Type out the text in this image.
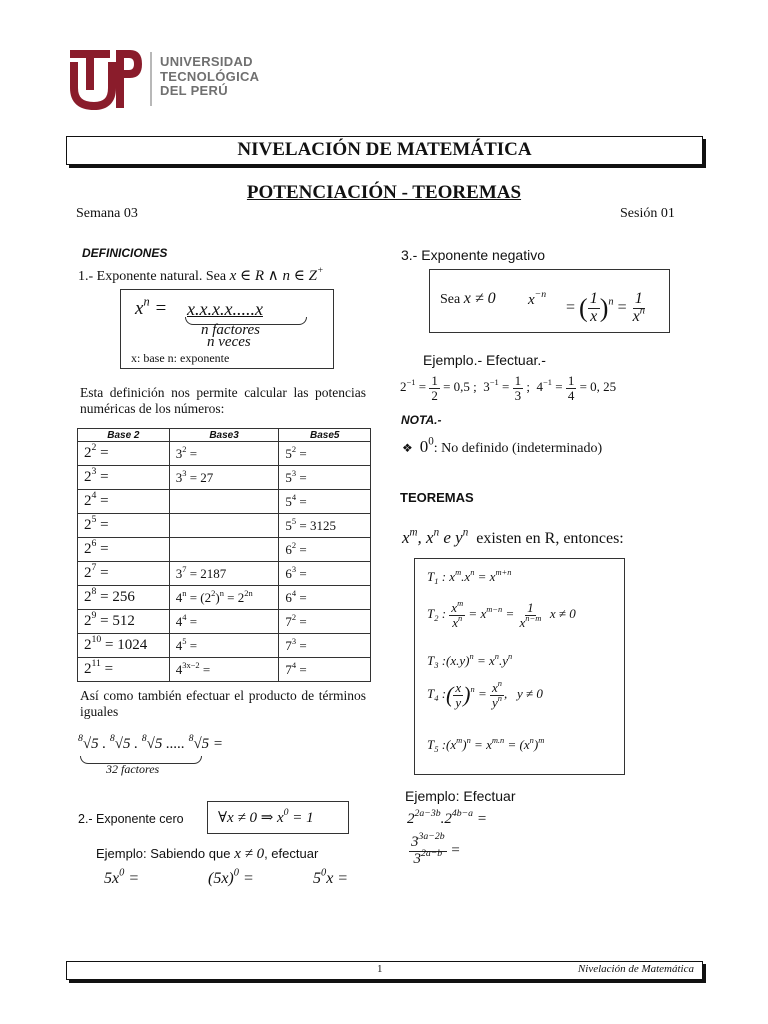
UNIVERSIDAD
TECNOLÓGICA
DEL PERÚ
NIVELACIÓN DE MATEMÁTICA
POTENCIACIÓN - TEOREMAS
Semana 03	Sesión 01
DEFINICIONES
1.- Exponente natural. Sea x ∈ R ∧ n ∈ Z+
$x^n = x.x.x.x.....x$
n factores
n veces
x: base n: exponente
Esta definición nos permite calcular las potencias numéricas de los números:
Base 2	Base3	Base5
$2^2$ =	$3^2$ =	$5^2$ =
$2^3$ =	$3^3 = 27$	$5^3$ =
$2^4$ =		$5^4$ =
$2^5$ =		$5^5 = 3125$
$2^6$ =		$6^2$ =
$2^7$ =	$3^7 = 2187$	$6^3$ =
$2^8 = 256$	$4^n = (2^2)^n = 2^{2n}$	$6^4$ =
$2^9 = 512$	$4^4$ =	$7^2$ =
$2^{10} = 1024$	$4^5$ =	$7^3$ =
$2^{11}$ =	$4^{3x-2}$ =	$7^4$ =
Así como también efectuar el producto de términos iguales
$^8$√5 . $^8$√5 . $^8$√5 ..... $^8$√5 =
32 factores
2.- Exponente cero	∀x ≠ 0 ⇒ $x^0 = 1$
Ejemplo: Sabiendo que x ≠ 0, efectuar
$5x^0$ =	$(5x)^0$ =	$5^0x$ =
3.- Exponente negativo
Sea x ≠ 0 $x^{-n}$
= ( $\frac{1}{x} )^n = \frac{1}{x^n}$
Ejemplo.- Efectuar.-
$2^{-1} = \frac{1}{2} = 0,5$ ;  $3^{-1} = \frac{1}{3}$ ;  $4^{-1} = \frac{1}{4} = 0$, 25
NOTA.-
❖ $0^0$: No definido (indeterminado)
TEOREMAS
$x^m$, $x^n$ e $y^n$ existen en R, entonces:
$T_1$ : $x^m.x^n = x^{m+n}$
$T_2$ : $\frac{x^m}{x^n} = x^{m-n} = \frac{1}{x^{n-m}}$ x ≠ 0
$T_3$ $:(x.y)^n = x^n.y^n$
$T_4$ :( $\frac{x}{y} )^n = \frac{x^n}{y^n}$ ,   y ≠ 0
$T_5$ $:(x^m)^n = x^{m.n} = (x^n)^m$
Ejemplo: Efectuar
$2^{2a-3b}.2^{4b-a}$ =
$\frac{3^{3a-2b}}{3^{2a-b}}$ =
1	Nivelación de Matemática
